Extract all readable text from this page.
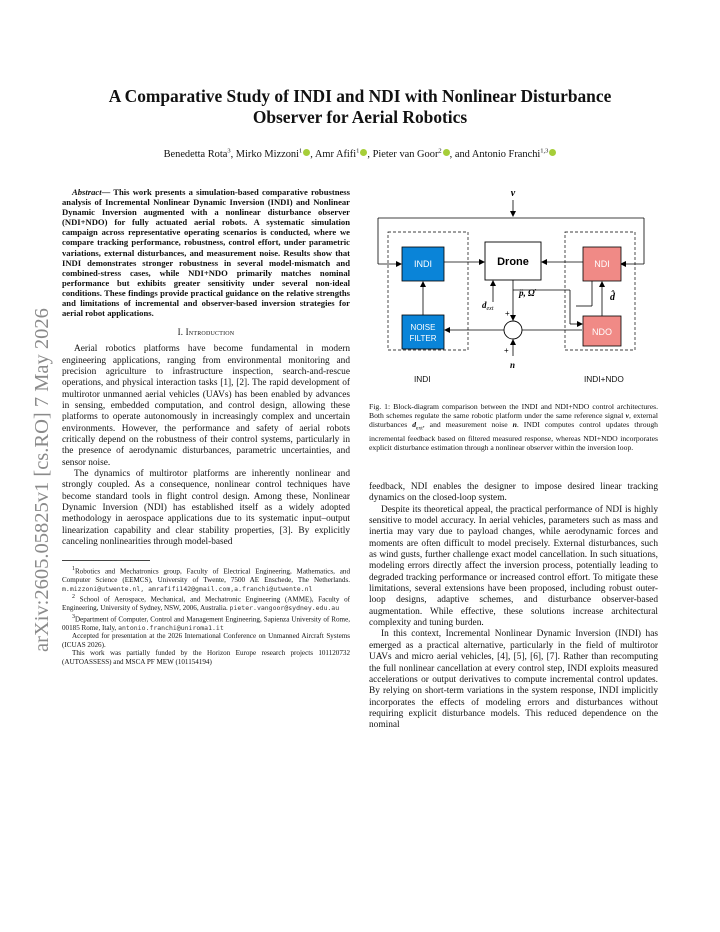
arXiv:2605.05825v1 [cs.RO] 7 May 2026
A Comparative Study of INDI and NDI with Nonlinear Disturbance
Observer for Aerial Robotics

Benedetta Rota$^3$, Mirko Mizzoni$^1$ , Amr Afifi$^1$ , Pieter van Goor$^2$ , and Antonio Franchi$^{1,3}$

Abstract— This work presents a simulation-based comparative robustness analysis of Incremental Nonlinear Dynamic Inversion (INDI) and Nonlinear Dynamic Inversion augmented with a nonlinear disturbance observer (NDI+NDO) for fully actuated aerial robots. A systematic simulation campaign across representative operating scenarios is conducted, where we compare tracking performance, robustness, control effort, under parametric variations, external disturbances, and measurement noise. Results show that INDI demonstrates stronger robustness in several model-mismatch and combined-stress cases, while NDI+NDO primarily matches nominal performance but exhibits greater sensitivity under several non-ideal conditions. These findings provide practical guidance on the relative strengths and limitations of incremental and observer-based inversion strategies for aerial robot applications.

I. Introduction

Aerial robotics platforms have become fundamental in modern engineering applications, ranging from environmental monitoring and precision agriculture to infrastructure inspection, search-and-rescue operations, and physical interaction tasks [1], [2]. The rapid development of multirotor unmanned aerial vehicles (UAVs) has been enabled by advances in sensing, embedded computation, and control design, allowing these platforms to operate autonomously in increasingly complex and uncertain environments. However, the performance and safety of aerial robots critically depend on the robustness of their control systems, particularly in the presence of aerodynamic disturbances, parametric uncertainties, and sensor noise.

The dynamics of multirotor platforms are inherently nonlinear and strongly coupled. As a consequence, nonlinear control techniques have become standard tools in flight control design. Among these, Nonlinear Dynamic Inversion (NDI) has established itself as a widely adopted methodology in aerospace applications due to its systematic input–output linearization capability and clear stability properties, [3]. By explicitly canceling nonlinearities through model-based

$^1$Robotics and Mechatronics group, Faculty of Electrical Engineering, Mathematics, and Computer Science (EEMCS), University of Twente, 7500 AE Enschede, The Netherlands. m.mizzoni@utwente.nl, amrafifi142@gmail.com,a.franchi@utwente.nl

$^2$ School of Aerospace, Mechanical, and Mechatronic Engineering (AMME), Faculty of Engineering, University of Sydney, NSW, 2006, Australia. pieter.vangoor@sydney.edu.au

$^3$Department of Computer, Control and Management Engineering, Sapienza University of Rome, 00185 Rome, Italy, antonio.franchi@uniroma1.it

Accepted for presentation at the 2026 International Conference on Unmanned Aircraft Systems (ICUAS 2026).

This work was partially funded by the Horizon Europe research projects 101120732 (AUTOASSESS) and MSCA PF MEW (101154194)

ν
INDI	Drone	NDI
NOISE
FILTER
NDO
d̂
$d_{ext}$
p̈, Ω̇
+
+
n
INDI	INDI+NDO

Fig. 1: Block-diagram comparison between the INDI and NDI+NDO control architectures. Both schemes regulate the same robotic platform under the same reference signal ν, external disturbances $d_{ext}$, and measurement noise n. INDI computes control updates through incremental feedback based on filtered measured response, whereas NDI+NDO incorporates explicit disturbance estimation through a nonlinear observer within the inversion loop.

feedback, NDI enables the designer to impose desired linear tracking dynamics on the closed-loop system.

Despite its theoretical appeal, the practical performance of NDI is highly sensitive to model accuracy. In aerial vehicles, parameters such as mass and inertia may vary due to payload changes, while aerodynamic forces and moments are often difficult to model precisely. External disturbances, such as wind gusts, further challenge exact model cancellation. In such situations, modeling errors directly affect the inversion process, potentially leading to degraded tracking performance or increased control effort. To mitigate these limitations, several extensions have been proposed, including robust outer-loop designs, adaptive schemes, and disturbance observer-based augmentation. While effective, these solutions increase architectural complexity and tuning burden.

In this context, Incremental Nonlinear Dynamic Inversion (INDI) has emerged as a practical alternative, particularly in the field of multirotor UAVs and micro aerial vehicles, [4], [5], [6], [7]. Rather than recomputing the full nonlinear cancellation at every control step, INDI exploits measured accelerations or output derivatives to compute incremental control updates. By relying on short-term variations in the system response, INDI implicitly incorporates the effects of modeling errors and disturbances without requiring explicit disturbance models. This reduced dependence on the nominal
